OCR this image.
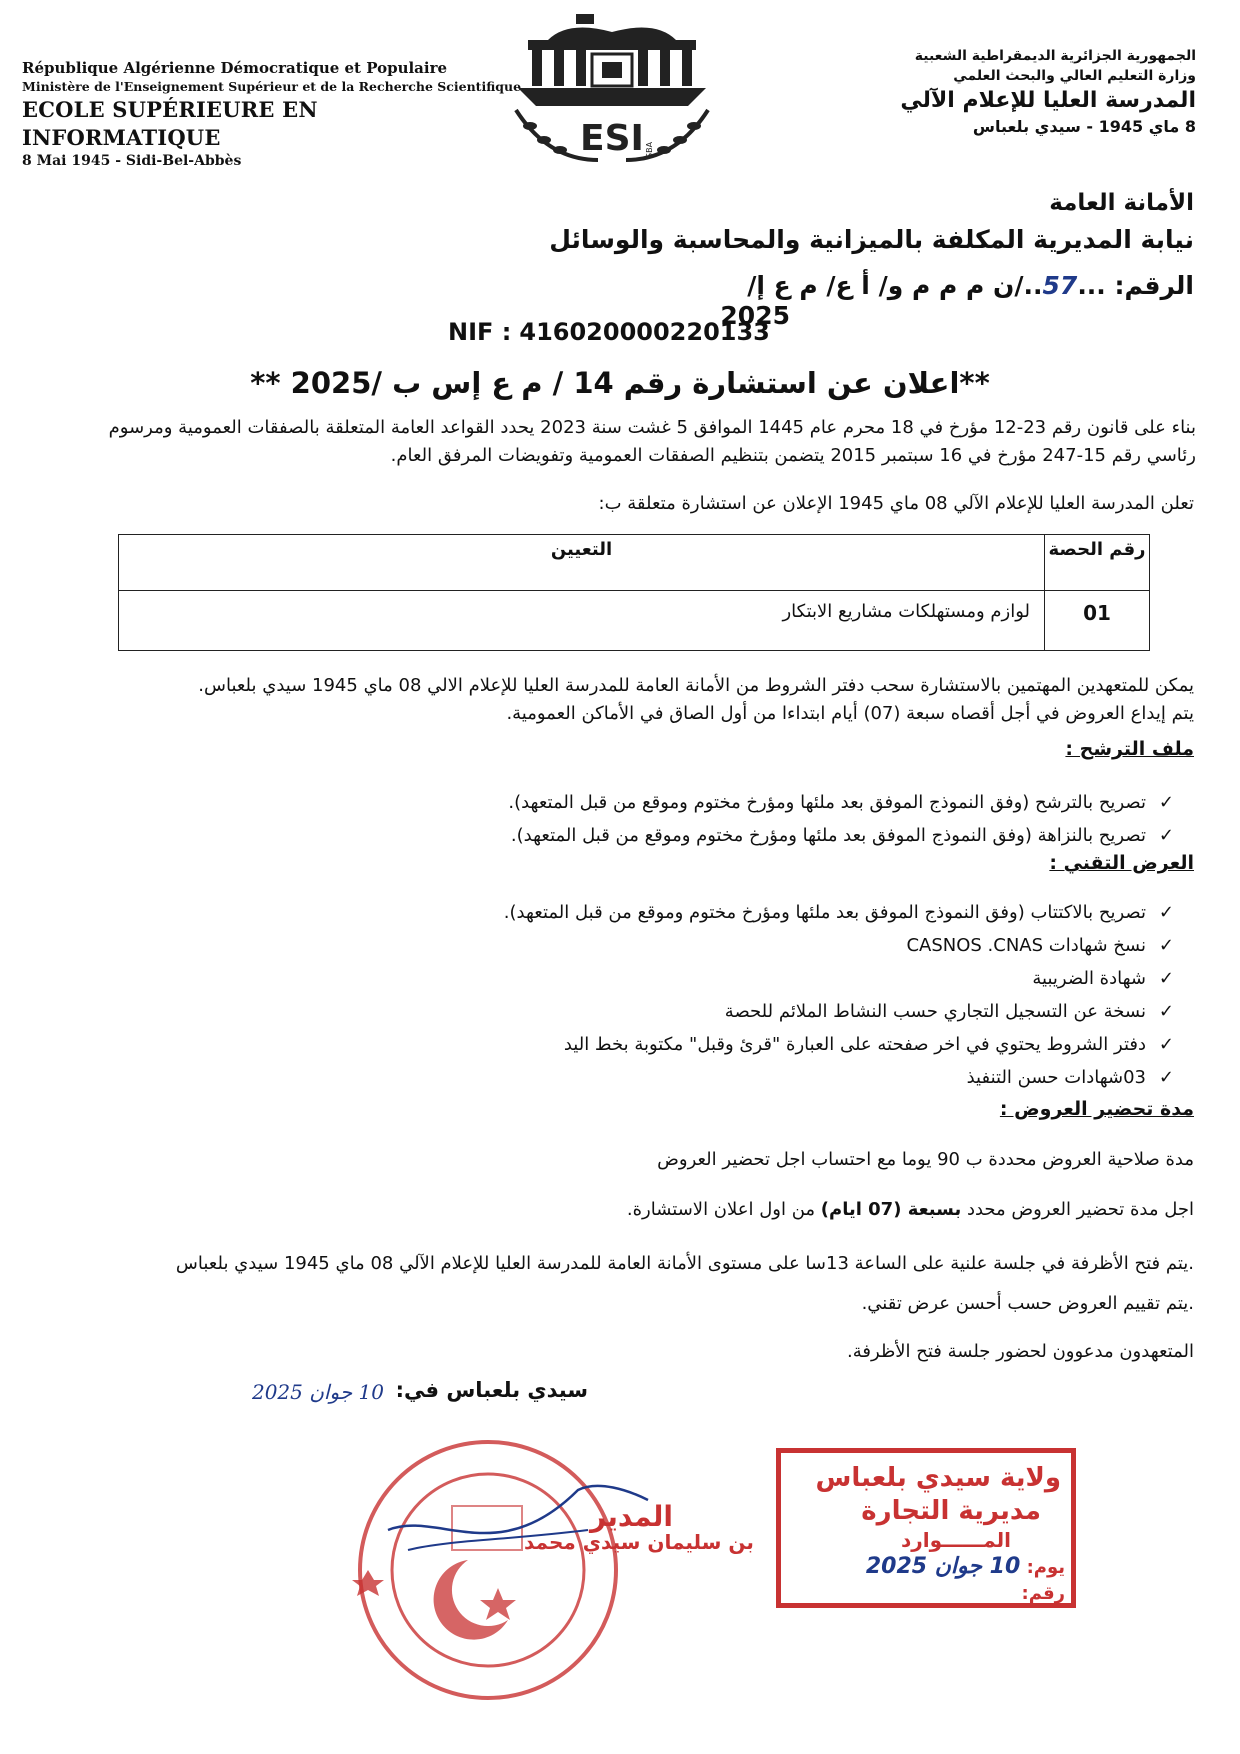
République Algérienne Démocratique et Populaire
Ministère de l'Enseignement Supérieur et de la Recherche Scientifique
ECOLE SUPÉRIEURE EN INFORMATIQUE
8 Mai 1945 - Sidi-Bel-Abbès
ESI SBA
الجمهورية الجزائرية الديمقراطية الشعبية
وزارة التعليم العالي والبحث العلمي
المدرسة العليا للإعلام الآلي
8 ماي 1945 - سيدي بلعباس
الأمانة العامة
نيابة المديرية المكلفة بالميزانية والمحاسبة والوسائل
الرقم: ...57../ن م م م و/ أ ع/ م ع إ/
2025
NIF : 416020000220133
**اعلان عن استشارة رقم 14 / م ع إس ب /2025 **
بناء على قانون رقم 23-12 مؤرخ في 18 محرم عام 1445 الموافق 5 غشت سنة 2023 يحدد القواعد العامة المتعلقة بالصفقات العمومية ومرسوم رئاسي رقم 15-247 مؤرخ في 16 سبتمبر 2015 يتضمن بتنظيم الصفقات العمومية وتفويضات المرفق العام.
تعلن المدرسة العليا للإعلام الآلي 08 ماي 1945 الإعلان عن استشارة متعلقة ب:
رقم الحصة	التعيين
01	لوازم ومستهلكات مشاريع الابتكار
يمكن للمتعهدين المهتمين بالاستشارة سحب دفتر الشروط من الأمانة العامة للمدرسة العليا للإعلام الالي 08 ماي 1945 سيدي بلعباس.
يتم إيداع العروض في أجل أقصاه سبعة (07) أيام ابتداءا من أول الصاق في الأماكن العمومية.
ملف الترشح :
✓
تصريح بالترشح (وفق النموذج الموفق بعد ملئها ومؤرخ مختوم وموقع من قبل المتعهد).
✓
تصريح بالنزاهة (وفق النموذج الموفق بعد ملئها ومؤرخ مختوم وموقع من قبل المتعهد).
العرض التقني :
✓
تصريح بالاكتتاب (وفق النموذج الموفق بعد ملئها ومؤرخ مختوم وموقع من قبل المتعهد).
✓
نسخ شهادات CASNOS .CNAS
✓
شهادة الضريبية
✓
نسخة عن التسجيل التجاري حسب النشاط الملائم للحصة
✓
دفتر الشروط يحتوي في اخر صفحته على العبارة "قرئ وقبل" مكتوبة بخط اليد
✓
03شهادات حسن التنفيذ
مدة تحضير العروض :
مدة صلاحية العروض محددة ب 90 يوما مع احتساب اجل تحضير العروض
اجل مدة تحضير العروض محدد بسبعة (07 ايام) من اول اعلان الاستشارة.
.يتم فتح الأظرفة في جلسة علنية على الساعة 13سا على مستوى الأمانة العامة للمدرسة العليا للإعلام الآلي 08 ماي 1945 سيدي بلعباس
.يتم تقييم العروض حسب أحسن عرض تقني.
المتعهدون مدعوون لحضور جلسة فتح الأظرفة.
سيدي بلعباس في:
10 جوان 2025
المدير
بن سليمان سيدي محمد
ولاية سيدي بلعباس
مديرية التجارة
المــــــوارد
يوم: 10 جوان 2025
رقم:
